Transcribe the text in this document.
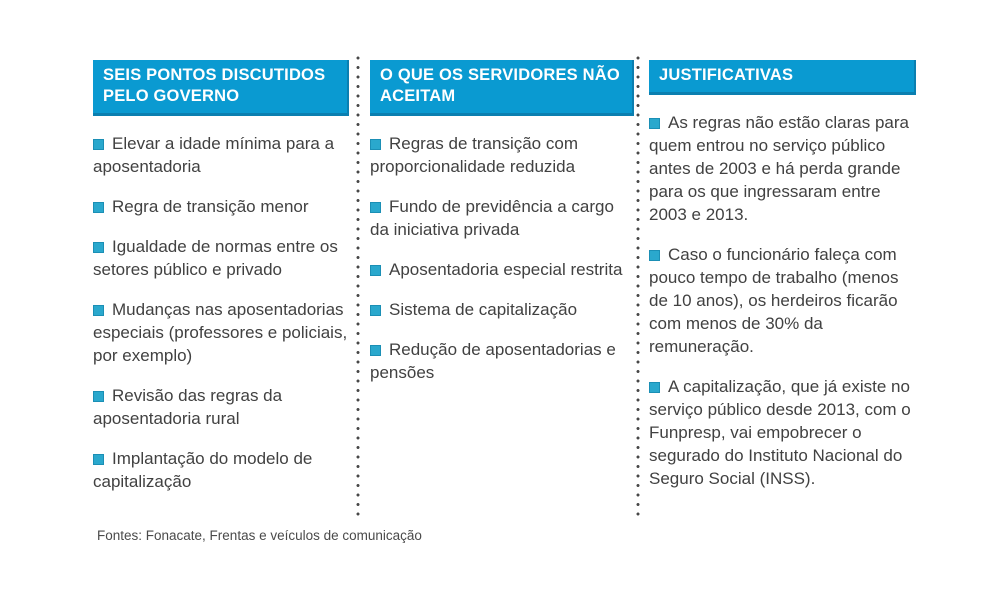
SEIS PONTOS DISCUTIDOS PELO GOVERNO
Elevar a idade mínima para a aposentadoria
Regra de transição menor
Igualdade de normas entre os setores público e privado
Mudanças nas aposentadorias especiais (professores e policiais, por exemplo)
Revisão das regras da aposentadoria rural
Implantação do modelo de capitalização
O QUE OS SERVIDORES NÃO ACEITAM
Regras de transição com proporcionalidade reduzida
Fundo de previdência a cargo da iniciativa privada
Aposentadoria especial restrita
Sistema de capitalização
Redução de aposentadorias e pensões
JUSTIFICATIVAS
As regras não estão claras para quem entrou no serviço público antes de 2003 e há perda grande para os que ingressaram entre 2003 e 2013.
Caso o funcionário faleça com pouco tempo de trabalho (menos de 10 anos), os herdeiros ficarão com menos de 30% da remuneração.
A capitalização, que já existe no serviço público desde 2013, com o Funpresp, vai empobrecer o segurado do Instituto Nacional do Seguro Social (INSS).

Fontes: Fonacate, Frentas e veículos de comunicação
